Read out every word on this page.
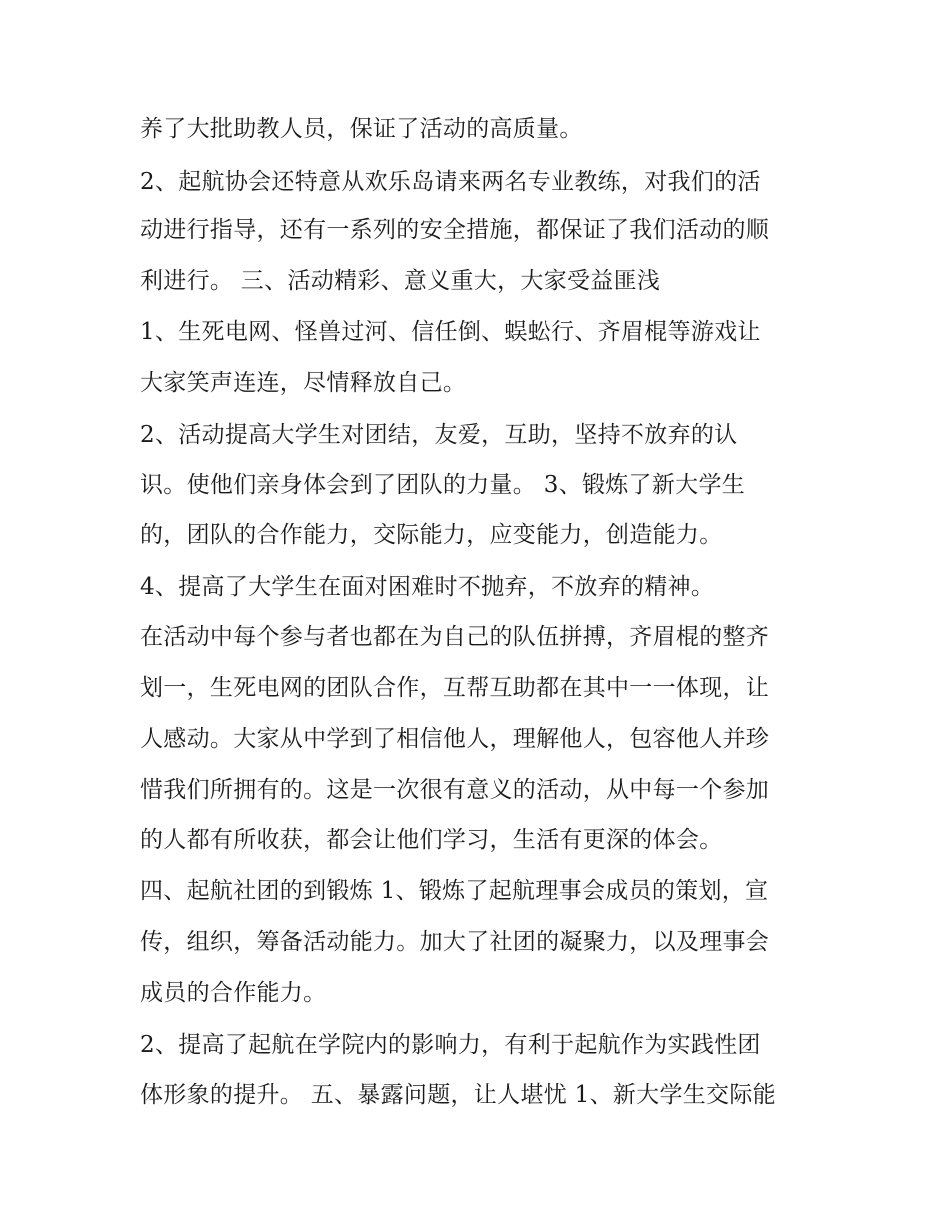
养了大批助教人员，保证了活动的高质量。
2、起航协会还特意从欢乐岛请来两名专业教练，对我们的活
动进行指导，还有一系列的安全措施，都保证了我们活动的顺
利进行。 三、活动精彩、意义重大，大家受益匪浅
1、生死电网、怪兽过河、信任倒、蜈蚣行、齐眉棍等游戏让
大家笑声连连，尽情释放自己。
2、活动提高大学生对团结，友爱，互助，坚持不放弃的认
识。使他们亲身体会到了团队的力量。 3、锻炼了新大学生
的，团队的合作能力，交际能力，应变能力，创造能力。
4、提高了大学生在面对困难时不抛弃，不放弃的精神。
在活动中每个参与者也都在为自己的队伍拼搏，齐眉棍的整齐
划一，生死电网的团队合作，互帮互助都在其中一一体现，让
人感动。大家从中学到了相信他人，理解他人，包容他人并珍
惜我们所拥有的。这是一次很有意义的活动，从中每一个参加
的人都有所收获，都会让他们学习，生活有更深的体会。
四、起航社团的到锻炼 1、锻炼了起航理事会成员的策划，宣
传，组织，筹备活动能力。加大了社团的凝聚力，以及理事会
成员的合作能力。
2、提高了起航在学院内的影响力，有利于起航作为实践性团
体形象的提升。 五、暴露问题，让人堪忧 1、新大学生交际能
